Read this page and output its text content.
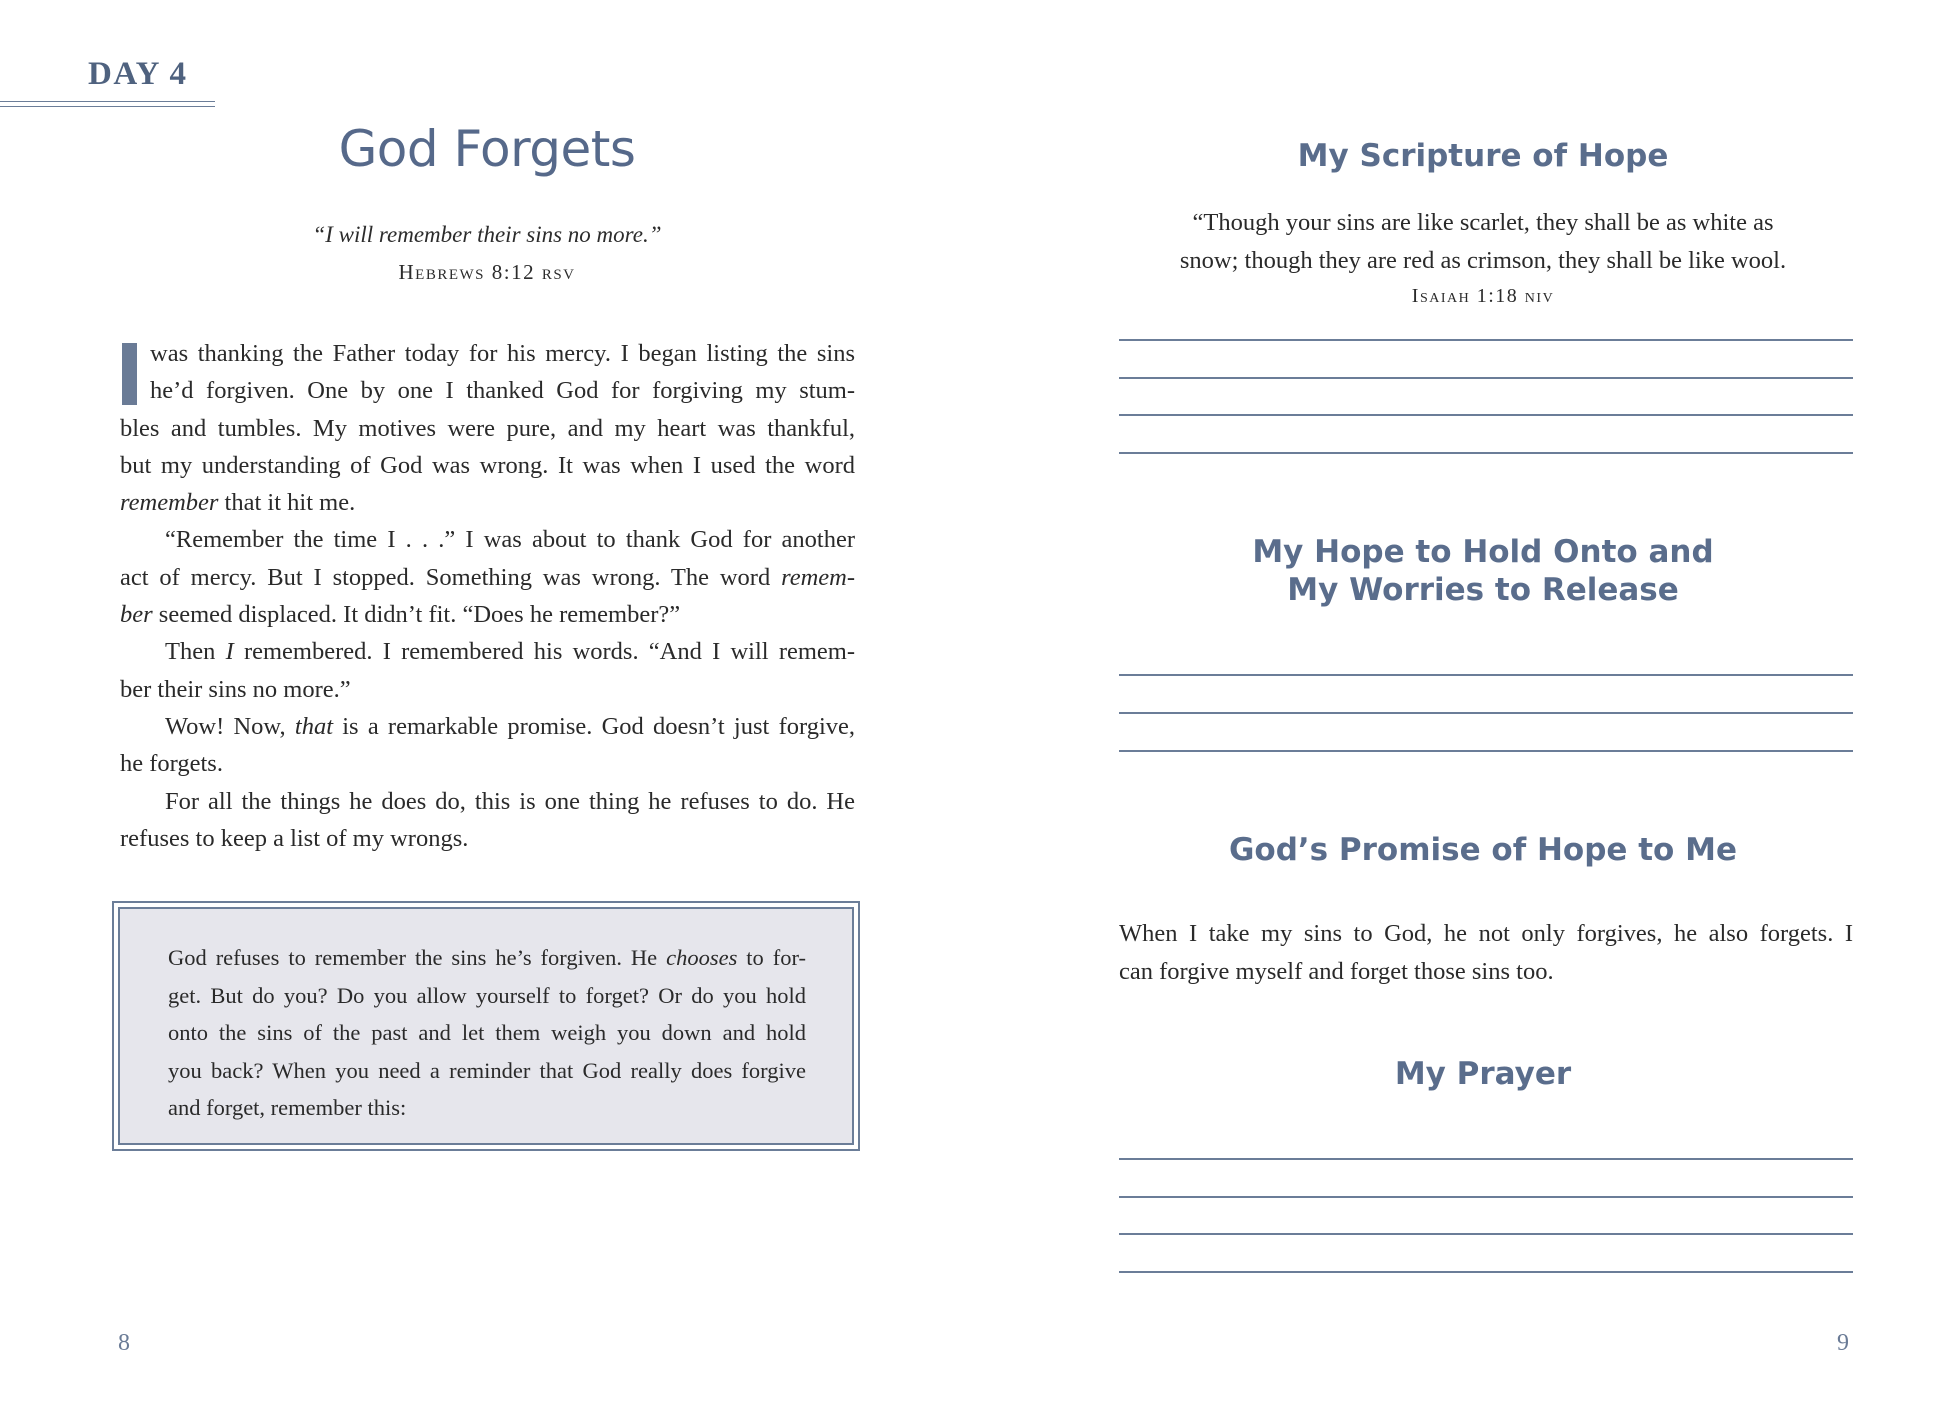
DAY 4
God Forgets
“I will remember their sins no more.”
Hebrews 8:12 rsv

was thanking the Father today for his mercy. I began listing the sins
he’d forgiven. One by one I thanked God for forgiving my stum-
bles and tumbles. My motives were pure, and my heart was thankful,
but my understanding of God was wrong. It was when I used the word
remember that it hit me.

“Remember the time I . . .” I was about to thank God for another
act of mercy. But I stopped. Something was wrong. The word remem-
ber seemed displaced. It didn’t fit. “Does he remember?”

Then I remembered. I remembered his words. “And I will remem-
ber their sins no more.”

Wow! Now, that is a remarkable promise. God doesn’t just forgive,
he forgets.

For all the things he does do, this is one thing he refuses to do. He
refuses to keep a list of my wrongs.

God refuses to remember the sins he’s forgiven. He chooses to for-
get. But do you? Do you allow yourself to forget? Or do you hold
onto the sins of the past and let them weigh you down and hold
you back? When you need a reminder that God really does forgive
and forget, remember this:
8
My Scripture of Hope
“Though your sins are like scarlet, they shall be as white as
snow; though they are red as crimson, they shall be like wool.
Isaiah 1:18 niv
My Hope to Hold Onto and
My Worries to Release
God’s Promise of Hope to Me
When I take my sins to God, he not only forgives, he also forgets. I
can forgive myself and forget those sins too.
My Prayer
9
